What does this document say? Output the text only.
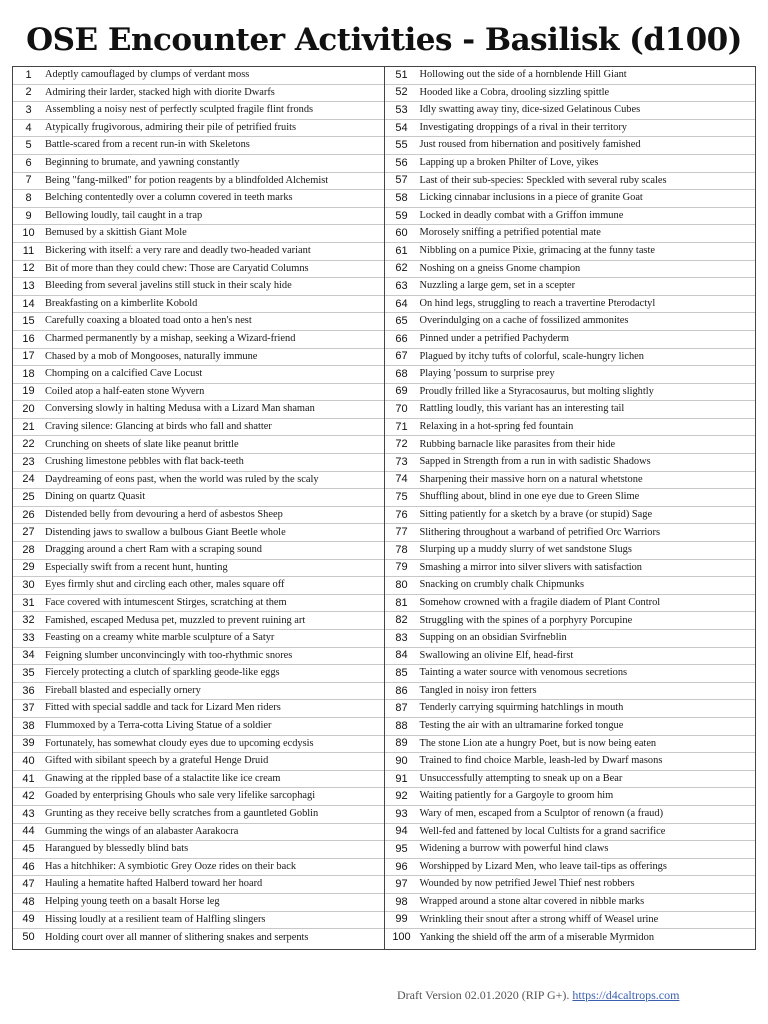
OSE Encounter Activities - Basilisk (d100)
1	Adeptly camouflaged by clumps of verdant moss
2	Admiring their larder, stacked high with diorite Dwarfs
3	Assembling a noisy nest of perfectly sculpted fragile flint fronds
4	Atypically frugivorous, admiring their pile of petrified fruits
5	Battle-scared from a recent run-in with Skeletons
6	Beginning to brumate, and yawning constantly
7	Being "fang-milked" for potion reagents by a blindfolded Alchemist
8	Belching contentedly over a column covered in teeth marks
9	Bellowing loudly, tail caught in a trap
10 Bemused by a skittish Giant Mole
11	Bickering with itself: a very rare and deadly two-headed variant
12 Bit of more than they could chew: Those are Caryatid Columns
13 Bleeding from several javelins still stuck in their scaly hide
14 Breakfasting on a kimberlite Kobold
15 Carefully coaxing a bloated toad onto a hen's nest
16 Charmed permanently by a mishap, seeking a Wizard-friend
17 Chased by a mob of Mongooses, naturally immune
18 Chomping on a calcified Cave Locust
19 Coiled atop a half-eaten stone Wyvern
20 Conversing slowly in halting Medusa with a Lizard Man shaman
21 Craving silence: Glancing at birds who fall and shatter
22 Crunching on sheets of slate like peanut brittle
23 Crushing limestone pebbles with flat back-teeth
24 Daydreaming of eons past, when the world was ruled by the scaly
25 Dining on quartz Quasit
26 Distended belly from devouring a herd of asbestos Sheep
27 Distending jaws to swallow a bulbous Giant Beetle whole
28 Dragging around a chert Ram with a scraping sound
29 Especially swift from a recent hunt, hunting
30 Eyes firmly shut and circling each other, males square off
31 Face covered with intumescent Stirges, scratching at them
32 Famished, escaped Medusa pet, muzzled to prevent ruining art
33 Feasting on a creamy white marble sculpture of a Satyr
34 Feigning slumber unconvincingly with too-rhythmic snores
35 Fiercely protecting a clutch of sparkling geode-like eggs
36 Fireball blasted and especially ornery
37 Fitted with special saddle and tack for Lizard Men riders
38 Flummoxed by a Terra-cotta Living Statue of a soldier
39 Fortunately, has somewhat cloudy eyes due to upcoming ecdysis
40 Gifted with sibilant speech by a grateful Henge Druid
41 Gnawing at the rippled base of a stalactite like ice cream
42 Goaded by enterprising Ghouls who sale very lifelike sarcophagi
43 Grunting as they receive belly scratches from a gauntleted Goblin
44 Gumming the wings of an alabaster Aarakocra
45 Harangued by blessedly blind bats
46 Has a hitchhiker: A symbiotic Grey Ooze rides on their back
47 Hauling a hematite hafted Halberd toward her hoard
48 Helping young teeth on a basalt Horse leg
49 Hissing loudly at a resilient team of Halfling slingers
50 Holding court over all manner of slithering snakes and serpents
51	Hollowing out the side of a hornblende Hill Giant
52	Hooded like a Cobra, drooling sizzling spittle
53	Idly swatting away tiny, dice-sized Gelatinous Cubes
54	Investigating droppings of a rival in their territory
55	Just roused from hibernation and positively famished
56	Lapping up a broken Philter of Love, yikes
57	Last of their sub-species: Speckled with several ruby scales
58	Licking cinnabar inclusions in a piece of granite Goat
59	Locked in deadly combat with a Griffon immune
60	Morosely sniffing a petrified potential mate
61	Nibbling on a pumice Pixie, grimacing at the funny taste
62	Noshing on a gneiss Gnome champion
63	Nuzzling a large gem, set in a scepter
64	On hind legs, struggling to reach a travertine Pterodactyl
65	Overindulging on a cache of fossilized ammonites
66	Pinned under a petrified Pachyderm
67	Plagued by itchy tufts of colorful, scale-hungry lichen
68	Playing 'possum to surprise prey
69	Proudly frilled like a Styracosaurus, but molting slightly
70	Rattling loudly, this variant has an interesting tail
71	Relaxing in a hot-spring fed fountain
72	Rubbing barnacle like parasites from their hide
73	Sapped in Strength from a run in with sadistic Shadows
74	Sharpening their massive horn on a natural whetstone
75	Shuffling about, blind in one eye due to Green Slime
76	Sitting patiently for a sketch by a brave (or stupid) Sage
77	Slithering throughout a warband of petrified Orc Warriors
78	Slurping up a muddy slurry of wet sandstone Slugs
79	Smashing a mirror into silver slivers with satisfaction
80	Snacking on crumbly chalk Chipmunks
81	Somehow crowned with a fragile diadem of Plant Control
82	Struggling with the spines of a porphyry Porcupine
83	Supping on an obsidian Svirfneblin
84	Swallowing an olivine Elf, head-first
85	Tainting a water source with venomous secretions
86	Tangled in noisy iron fetters
87	Tenderly carrying squirming hatchlings in mouth
88	Testing the air with an ultramarine forked tongue
89	The stone Lion ate a hungry Poet, but is now being eaten
90	Trained to find choice Marble, leash-led by Dwarf masons
91	Unsuccessfully attempting to sneak up on a Bear
92	Waiting patiently for a Gargoyle to groom him
93	Wary of men, escaped from a Sculptor of renown (a fraud)
94	Well-fed and fattened by local Cultists for a grand sacrifice
95	Widening a burrow with powerful hind claws
96	Worshipped by Lizard Men, who leave tail-tips as offerings
97	Wounded by now petrified Jewel Thief nest robbers
98	Wrapped around a stone altar covered in nibble marks
99	Wrinkling their snout after a strong whiff of Weasel urine
100 Yanking the shield off the arm of a miserable Myrmidon
Draft Version 02.01.2020 (RIP G+). https://d4caltrops.com
